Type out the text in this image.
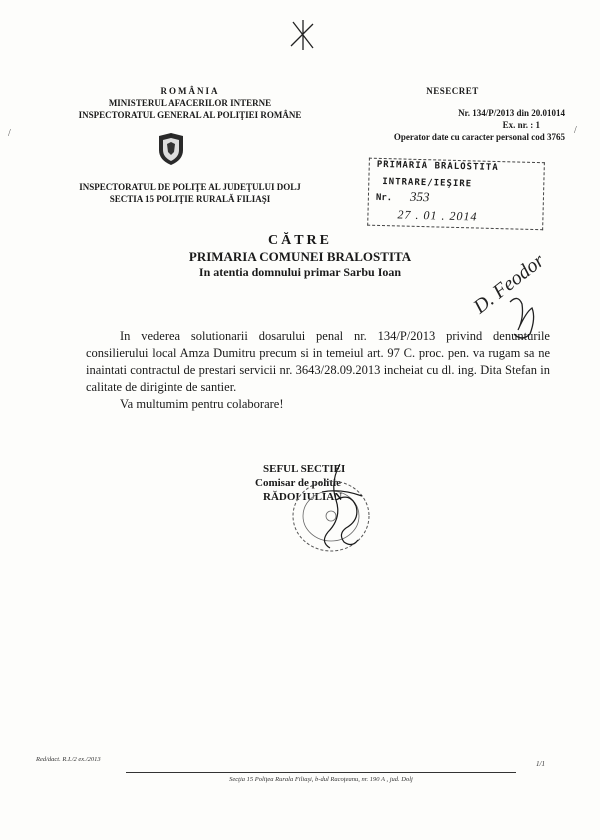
/	/
ROMÂNIA
MINISTERUL AFACERILOR INTERNE
INSPECTORATUL GENERAL AL POLIŢIEI ROMÂNE
NESECRET
Nr. 134/P/2013 din 20.01014
Ex. nr. : 1
Operator date cu caracter personal cod 3765
INSPECTORATUL DE POLIŢE AL JUDEŢULUI DOLJ
SECTIA 15 POLIŢIE RURALĂ FILIAŞI
PRIMARIA BRALOSTITA
INTRARE/IEŞIRE
Nr. 353
27 . 01 . 2014
CĂTRE
PRIMARIA COMUNEI BRALOSTITA
In atentia domnului primar Sarbu Ioan	D. Feodor

In vederea solutionarii dosarului penal nr. 134/P/2013 privind denunturile consilierului local Amza Dumitru precum si in temeiul art. 97 C. proc. pen. va rugam sa ne inaintati contractul de prestari servicii nr. 3643/28.09.2013 incheiat cu dl. ing. Dita Stefan in calitate de diriginte de santier.

Va multumim pentru colaborare!

SEFUL SECTIEI
Comisar de politie
RĂDOI IULIAN
Red/dact. R.I./2 ex./2013
1/1
Secţia 15 Poliţea Rurala Filiaşi, b-dul Racoţeanu, nr. 190 A , jud. Dolj
